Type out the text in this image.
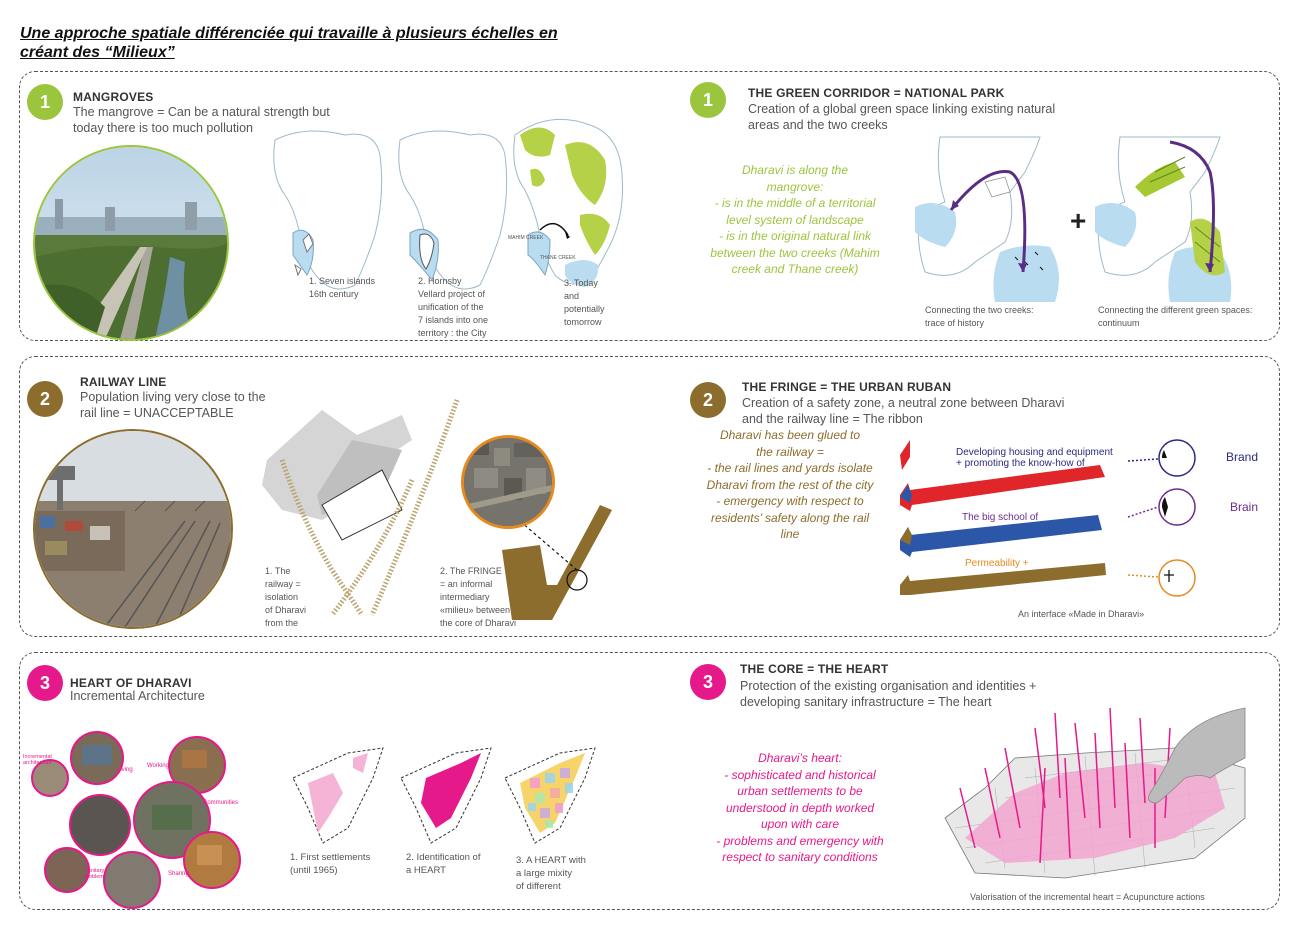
Une approche spatiale différenciée qui travaille à plusieurs échelles en
créant des “Milieux”
1	MANGROVES
The mangrove = Can be a natural strength but
today there is too much pollution
MAHIM CREEK
THANE CREEK
1. Seven islands
16th century
2. Hornsby
Vellard project of
unification of the
7 islands into one
territory : the City
3. Today
and
potentially
tomorrow
1	THE GREEN CORRIDOR = NATIONAL PARK
Creation of a global green space linking existing natural
areas and the two creeks
Dharavi is along the
mangrove:
- is in the middle of a territorial
level system of landscape
- is in the original natural link
between the two creeks (Mahim
creek and Thane creek)
+
Connecting the two creeks:
trace of history
Connecting the different green spaces:
continuum
2
RAILWAY LINE
Population living very close to the
rail line = UNACCEPTABLE
1. The
railway =
isolation
of Dharavi
from the
2. The FRINGE
= an informal
intermediary
«milieu» between
the core of Dharavi
2
THE FRINGE = THE URBAN RUBAN
Creation of a safety zone, a neutral zone between Dharavi
and the railway line = The ribbon
Dharavi has been glued to
the railway =
- the rail lines and yards isolate
Dharavi from the rest of the city
- emergency with respect to
residents’ safety along the rail
line
Developing housing and equipment
+ promoting the know-how of
The big school of
Permeability +
Brand
Brain
An interface «Made in Dharavi»
3	HEART OF DHARAVI
Incremental Architecture
Incremental
architecture
Living
Working
Communities
Sanitary
problems	Sharing
1. First settlements
(until 1965)
2. Identification of
a HEART
3. A HEART with
a large mixity
of different
3
THE CORE = THE HEART
Protection of the existing organisation and identities +
developing sanitary infrastructure = The heart
Dharavi’s heart:
- sophisticated and historical
urban settlements to be
understood in depth worked
upon with care
- problems and emergency with
respect to sanitary conditions
Valorisation of the incremental heart = Acupuncture actions
